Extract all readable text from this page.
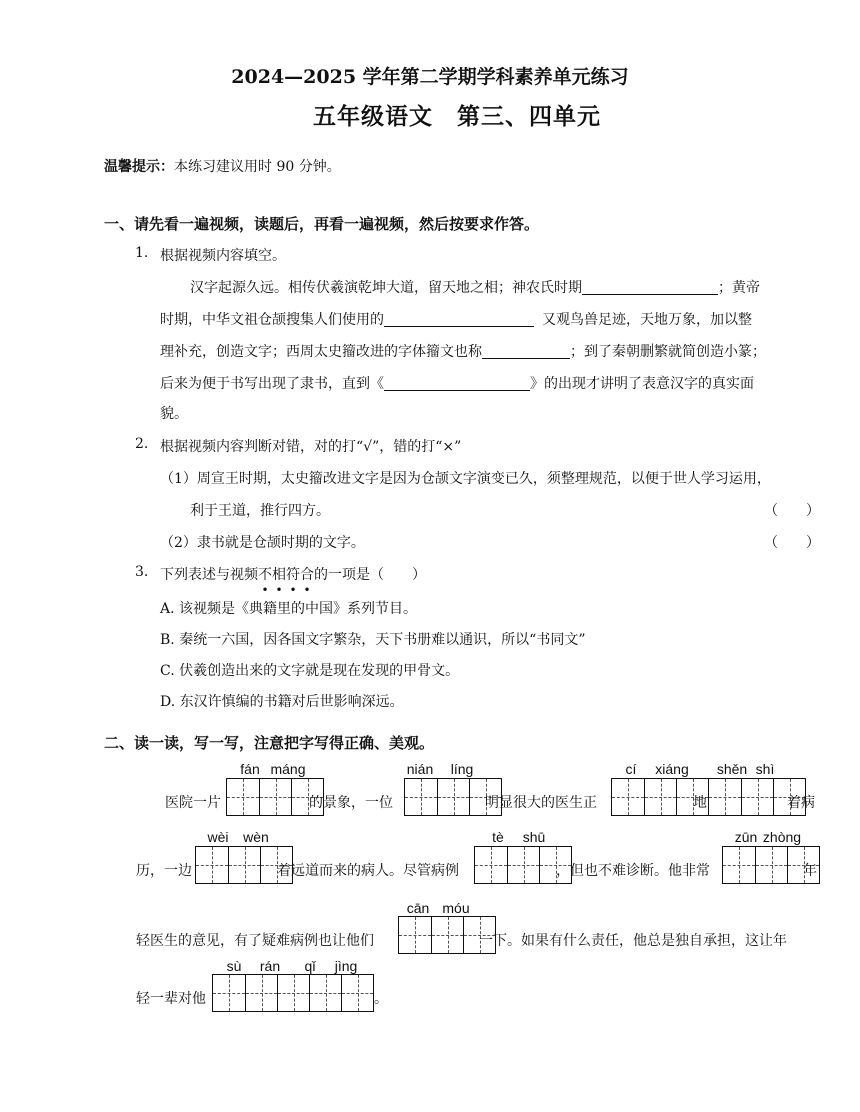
2024—2025 学年第二学期学科素养单元练习
五年级语文 第三、四单元
温馨提示：本练习建议用时 90 分钟。
一、请先看一遍视频，读题后，再看一遍视频，然后按要求作答。
1. 根据视频内容填空。
汉字起源久远。相传伏羲演乾坤大道，留天地之相；神农氏时期	；黄帝
时期，中华文祖仓颉搜集人们使用的	又观鸟兽足迹，天地万象，加以整
理补充，创造文字；西周太史籀改进的字体籀文也称	；到了秦朝删繁就简创造小篆；
后来为便于书写出现了隶书，直到《	》的出现才讲明了表意汉字的真实面
貌。
2. 根据视频内容判断对错，对的打“√”，错的打“×”
（1）周宣王时期，太史籀改进文字是因为仓颉文字演变已久，须整理规范，以便于世人学习运用，
利于王道，推行四方。	（　　）
（2）隶书就是仓颉时期的文字。	（　　）
3. 下列表述与视频不相符合的一项是（　　）
A. 该视频是《典籍里的中国》系列节目。
B. 秦统一六国，因各国文字繁杂，天下书册难以通识，所以“书同文”
C. 伏羲创造出来的文字就是现在发现的甲骨文。
D. 东汉许慎编的书籍对后世影响深远。
二、读一读，写一写，注意把字写得正确、美观。
fán máng	nián	líng	cí	xiáng	shěn shì
医院一片	的景象，一位	明显很大的医生正	地	着病
wèi	wèn	tè	shū	zūn zhòng
历，一边	着远道而来的病人。尽管病例	，但也不难诊断。他非常	年
cān móu
轻医生的意见，有了疑难病例也让他们	一下。如果有什么责任，他总是独自承担，这让年
sù	rán	qǐ	jìng
轻一辈对他	。
